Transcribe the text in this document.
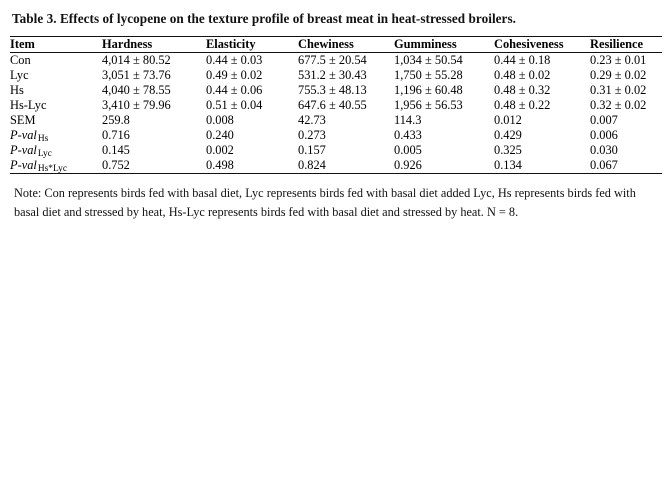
Table 3. Effects of lycopene on the texture profile of breast meat in heat-stressed broilers.
Item	Hardness	Elasticity	Chewiness	Gumminess	Cohesiveness	Resilience
Con	4,014 ± 80.52	0.44 ± 0.03	677.5 ± 20.54	1,034 ± 50.54	0.44 ± 0.18	0.23 ± 0.01
Lyc	3,051 ± 73.76	0.49 ± 0.02	531.2 ± 30.43	1,750 ± 55.28	0.48 ± 0.02	0.29 ± 0.02
Hs	4,040 ± 78.55	0.44 ± 0.06	755.3 ± 48.13	1,196 ± 60.48	0.48 ± 0.32	0.31 ± 0.02
Hs-Lyc	3,410 ± 79.96	0.51 ± 0.04	647.6 ± 40.55	1,956 ± 56.53	0.48 ± 0.22	0.32 ± 0.02
SEM	259.8	0.008	42.73	114.3	0.012	0.007
P-valHs	0.716	0.240	0.273	0.433	0.429	0.006
P-valLyc	0.145	0.002	0.157	0.005	0.325	0.030
P-valHs*Lyc	0.752	0.498	0.824	0.926	0.134	0.067
Note: Con represents birds fed with basal diet, Lyc represents birds fed with basal diet added Lyc, Hs represents birds fed with basal diet and stressed by heat, Hs-Lyc represents birds fed with basal diet and stressed by heat. N = 8.
